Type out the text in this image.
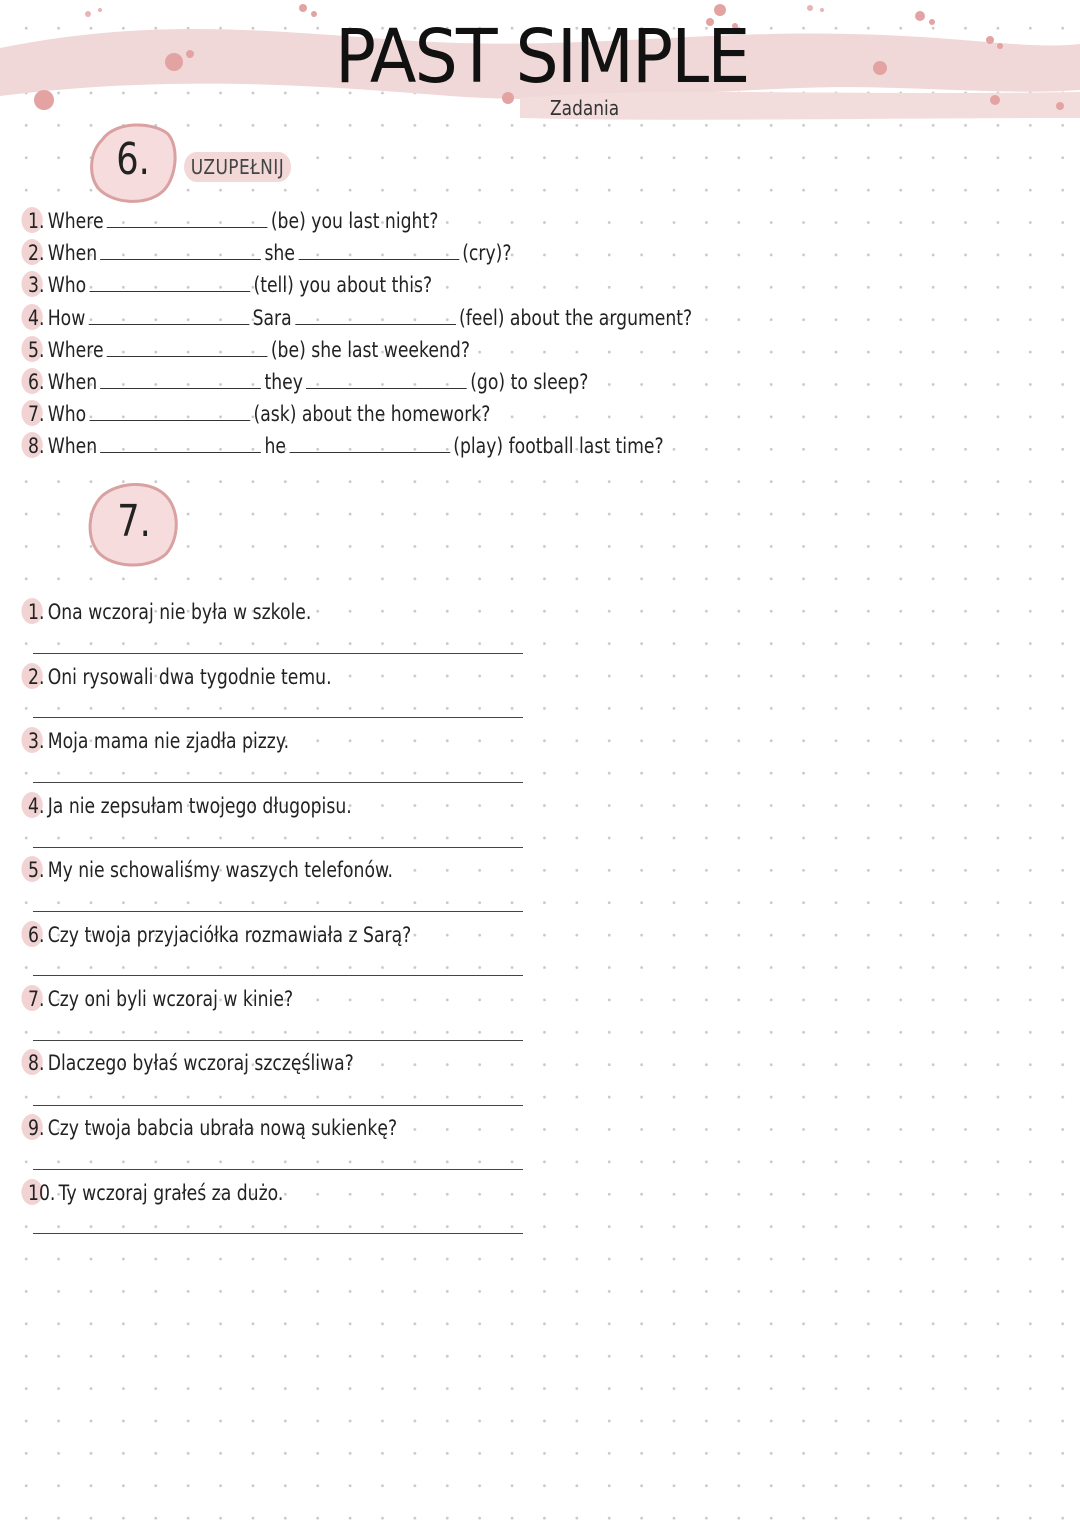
PAST SIMPLE
Zadania
6.	UZUPEŁNIJ
1. Where	(be) you last night?
2. When	she	(cry)?
3. Who	(tell) you about this?
4. How	Sara	(feel) about the argument?
5. Where	(be) she last weekend?
6. When	they	(go) to sleep?
7. Who	(ask) about the homework?
8. When	he	(play) football last time?
7.
1. Ona wczoraj nie była w szkole.
2. Oni rysowali dwa tygodnie temu.
3. Moja mama nie zjadła pizzy.
4. Ja nie zepsułam twojego długopisu.
5. My nie schowaliśmy waszych telefonów.
6. Czy twoja przyjaciółka rozmawiała z Sarą?
7. Czy oni byli wczoraj w kinie?
8. Dlaczego byłaś wczoraj szczęśliwa?
9. Czy twoja babcia ubrała nową sukienkę?
10. Ty wczoraj grałeś za dużo.
